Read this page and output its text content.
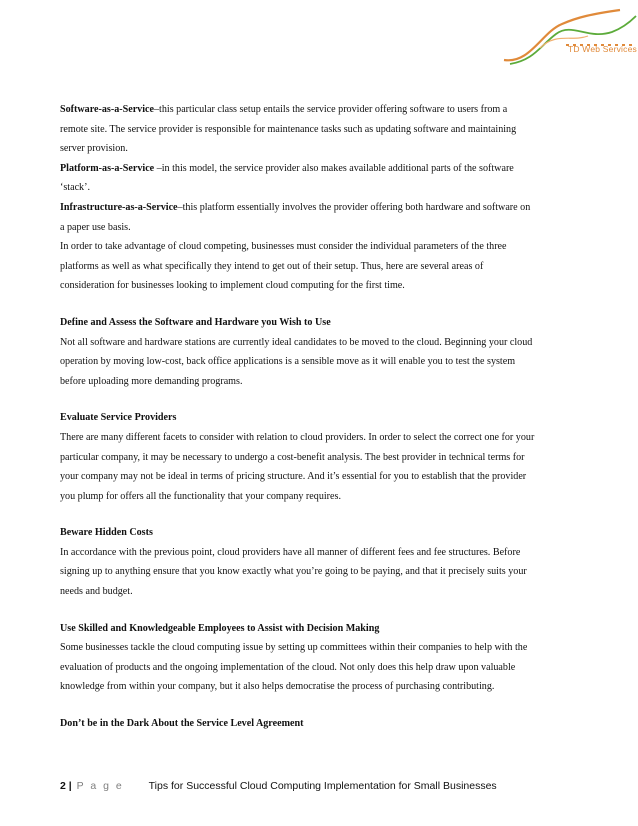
TD Web Services
Software-as-a-Service–this particular class setup entails the service provider offering software to users from a
remote site. The service provider is responsible for maintenance tasks such as updating software and maintaining
server provision.
Platform-as-a-Service –in this model, the service provider also makes available additional parts of the software
‘stack’.
Infrastructure-as-a-Service–this platform essentially involves the provider offering both hardware and software on
a paper use basis.
In order to take advantage of cloud competing, businesses must consider the individual parameters of the three
platforms as well as what specifically they intend to get out of their setup. Thus, here are several areas of
consideration for businesses looking to implement cloud computing for the first time.
Define and Assess the Software and Hardware you Wish to Use
Not all software and hardware stations are currently ideal candidates to be moved to the cloud. Beginning your cloud
operation by moving low-cost, back office applications is a sensible move as it will enable you to test the system
before uploading more demanding programs.
Evaluate Service Providers
There are many different facets to consider with relation to cloud providers. In order to select the correct one for your
particular company, it may be necessary to undergo a cost-benefit analysis. The best provider in technical terms for
your company may not be ideal in terms of pricing structure. And it’s essential for you to establish that the provider
you plump for offers all the functionality that your company requires.
Beware Hidden Costs
In accordance with the previous point, cloud providers have all manner of different fees and fee structures. Before
signing up to anything ensure that you know exactly what you’re going to be paying, and that it precisely suits your
needs and budget.
Use Skilled and Knowledgeable Employees to Assist with Decision Making
Some businesses tackle the cloud computing issue by setting up committees within their companies to help with the
evaluation of products and the ongoing implementation of the cloud. Not only does this help draw upon valuable
knowledge from within your company, but it also helps democratise the process of purchasing contributing.
Don’t be in the Dark About the Service Level Agreement
2 | P a g e Tips for Successful Cloud Computing Implementation for Small Businesses
